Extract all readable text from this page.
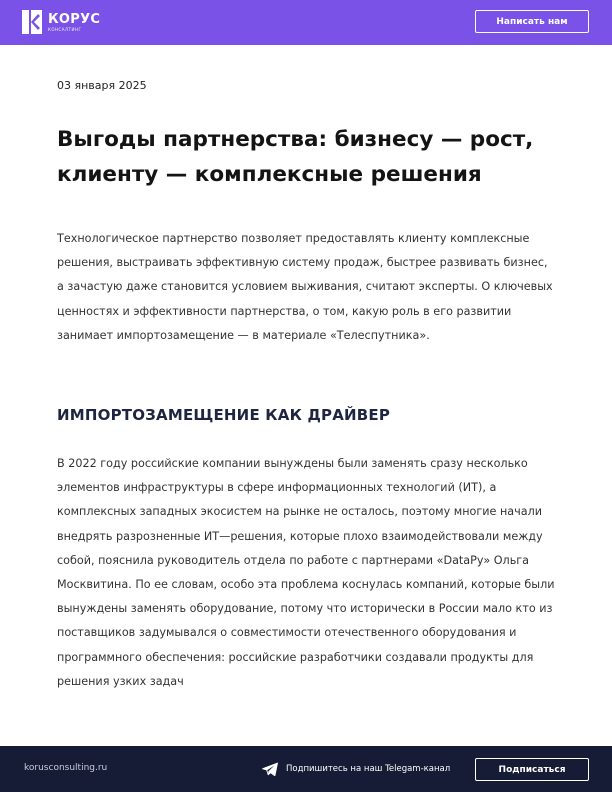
КОРУС
КОНСАЛТИНГ
Написать нам
03 января 2025
Выгоды партнерства: бизнесу — рост, клиенту — комплексные решения

Технологическое партнерство позволяет предоставлять клиенту комплексные решения, выстраивать эффективную систему продаж, быстрее развивать бизнес, а зачастую даже становится условием выживания, считают эксперты. О ключевых ценностях и эффективности партнерства, о том, какую роль в его развитии занимает импортозамещение — в материале «Телеспутника».

ИМПОРТОЗАМЕЩЕНИЕ КАК ДРАЙВЕР

В 2022 году российские компании вынуждены были заменять сразу несколько элементов инфраструктуры в сфере информационных технологий (ИТ), а комплексных западных экосистем на рынке не осталось, поэтому многие начали внедрять разрозненные ИТ—решения, которые плохо взаимодействовали между собой, пояснила руководитель отдела по работе с партнерами «DataPy» Ольга Москвитина. По ее словам, особо эта проблема коснулась компаний, которые были вынуждены заменять оборудование, потому что исторически в России мало кто из поставщиков задумывался о совместимости отечественного оборудования и программного обеспечения: российские разработчики создавали продукты для решения узких задач

korusconsulting.ru	Подпишитесь на наш Telegam-канал	Подписаться
